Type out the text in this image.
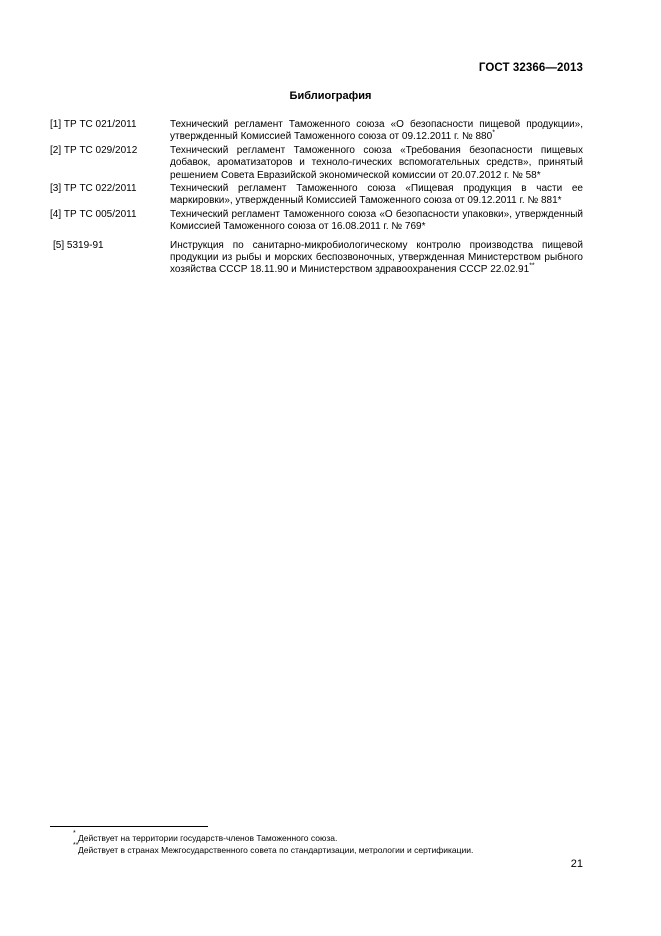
ГОСТ 32366—2013
Библиография
[1] ТР ТС 021/2011	Технический регламент Таможенного союза «О безопасности пищевой продукции», утвержденный Комиссией Таможенного союза от 09.12.2011 г. № 880*
[2] ТР ТС 029/2012	Технический регламент Таможенного союза «Требования безопасности пищевых добавок, ароматизаторов и техноло-гических вспомогательных средств», принятый решением Совета Евразийской экономической комиссии от 20.07.2012 г. № 58*
[3] ТР ТС 022/2011	Технический регламент Таможенного союза «Пищевая продукция в части ее маркировки», утвержденный Комиссией Таможенного союза от 09.12.2011 г. № 881*
[4] ТР ТС 005/2011	Технический регламент Таможенного союза «О безопасности упаковки», утвержденный Комиссией Таможенного союза от 16.08.2011 г. № 769*
[5] 5319-91	Инструкция по санитарно-микробиологическому контролю производства пищевой продукции из рыбы и морских беспозвоночных, утвержденная Министерством рыбного хозяйства СССР 18.11.90 и Министерством здравоохранения СССР 22.02.91**
* Действует на территории государств-членов Таможенного союза.
** Действует в странах Межгосударственного совета по стандартизации, метрологии и сертификации.
21
